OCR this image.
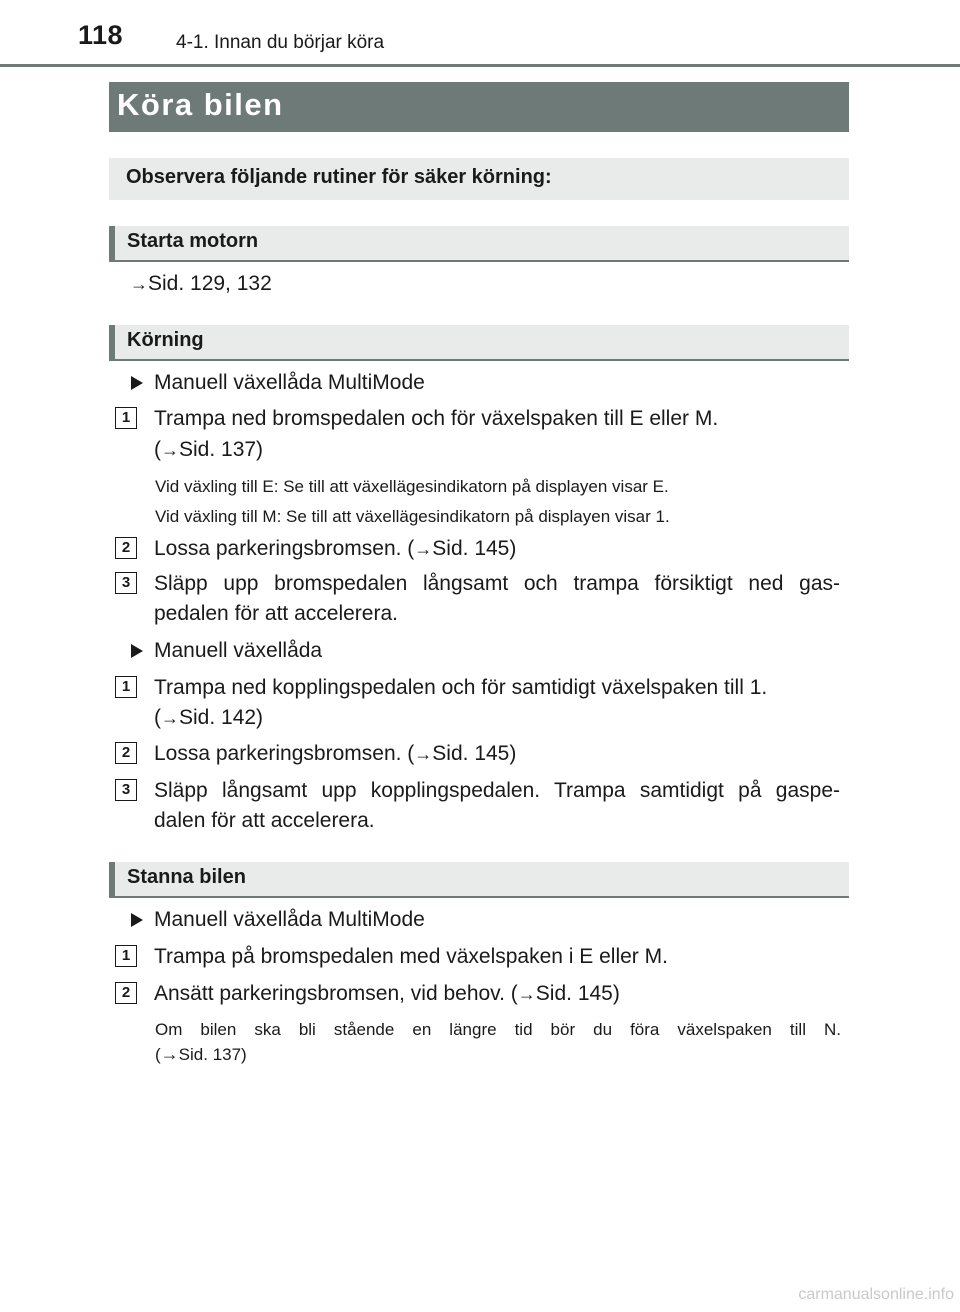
118	4-1. Innan du börjar köra
Köra bilen
Observera följande rutiner för säker körning:
Starta motorn
→Sid. 129, 132
Körning
Manuell växellåda MultiMode
1	Trampa ned bromspedalen och för växelspaken till E eller M.
(→Sid. 137)
Vid växling till E: Se till att växellägesindikatorn på displayen visar E.
Vid växling till M: Se till att växellägesindikatorn på displayen visar 1.
2	Lossa parkeringsbromsen. (→Sid. 145)
3	Släpp upp bromspedalen långsamt och trampa försiktigt ned gas-
pedalen för att accelerera.
Manuell växellåda
1	Trampa ned kopplingspedalen och för samtidigt växelspaken till 1.
(→Sid. 142)
2	Lossa parkeringsbromsen. (→Sid. 145)
3	Släpp långsamt upp kopplingspedalen. Trampa samtidigt på gaspe-
dalen för att accelerera.
Stanna bilen
Manuell växellåda MultiMode
1	Trampa på bromspedalen med växelspaken i E eller M.
2	Ansätt parkeringsbromsen, vid behov. (→Sid. 145)
Om bilen ska bli stående en längre tid bör du föra växelspaken till N.
(→Sid. 137)
carmanualsonline.info
